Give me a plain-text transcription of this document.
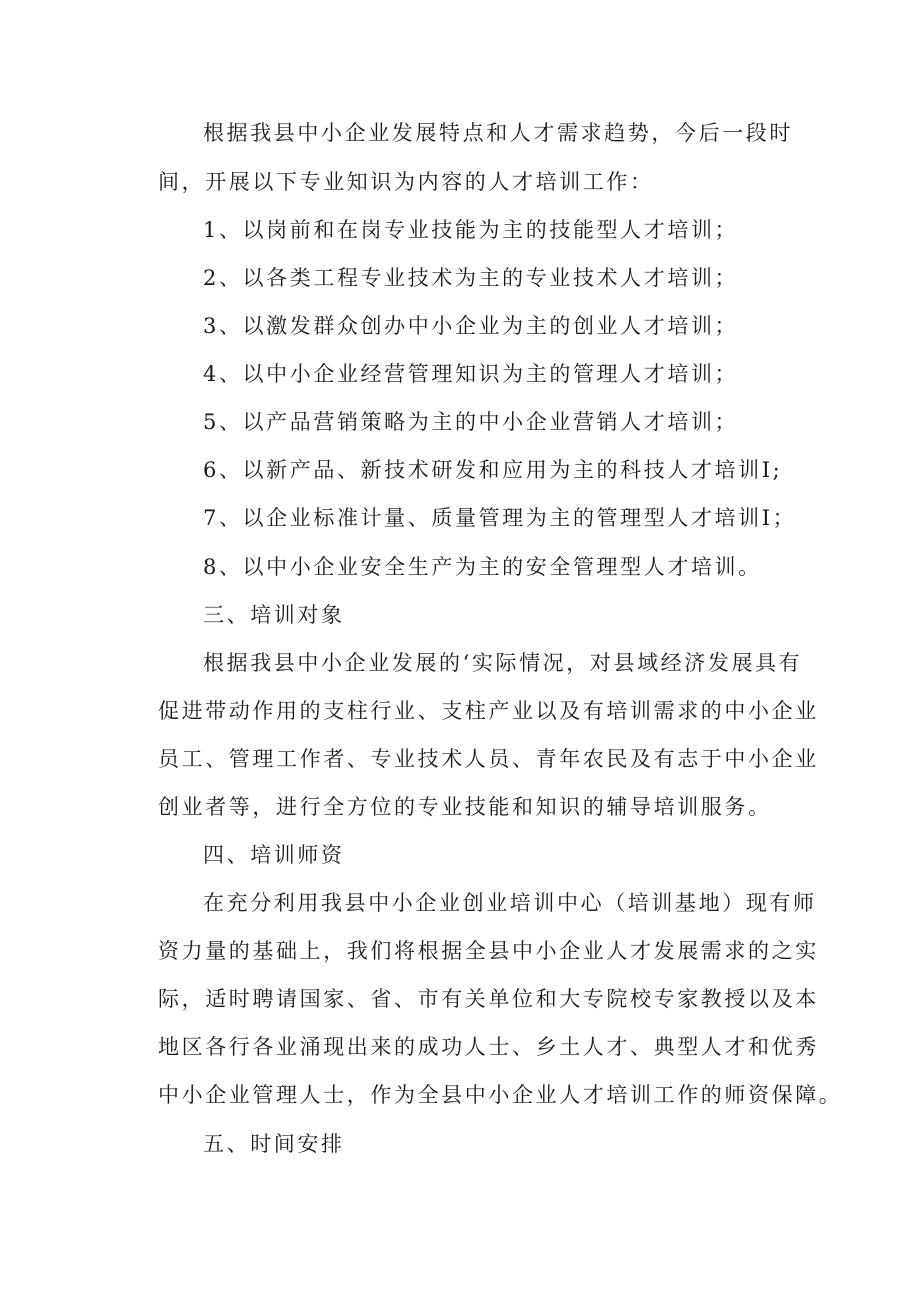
根据我县中小企业发展特点和人才需求趋势，今后一段时
间，开展以下专业知识为内容的人才培训工作：
1、以岗前和在岗专业技能为主的技能型人才培训；
2、以各类工程专业技术为主的专业技术人才培训；
3、以激发群众创办中小企业为主的创业人才培训；
4、以中小企业经营管理知识为主的管理人才培训；
5、以产品营销策略为主的中小企业营销人才培训；
6、以新产品、新技术研发和应用为主的科技人才培训Ⅰ;
7、以企业标准计量、质量管理为主的管理型人才培训Ⅰ；
8、以中小企业安全生产为主的安全管理型人才培训。
三、培训对象
根据我县中小企业发展的‘实际情况，对县域经济发展具有
促进带动作用的支柱行业、支柱产业以及有培训需求的中小企业
员工、管理工作者、专业技术人员、青年农民及有志于中小企业
创业者等，进行全方位的专业技能和知识的辅导培训服务。
四、培训师资
在充分利用我县中小企业创业培训中心（培训基地）现有师
资力量的基础上，我们将根据全县中小企业人才发展需求的之实
际，适时聘请国家、省、市有关单位和大专院校专家教授以及本
地区各行各业涌现出来的成功人士、乡土人才、典型人才和优秀
中小企业管理人士，作为全县中小企业人才培训工作的师资保障。
五、时间安排
